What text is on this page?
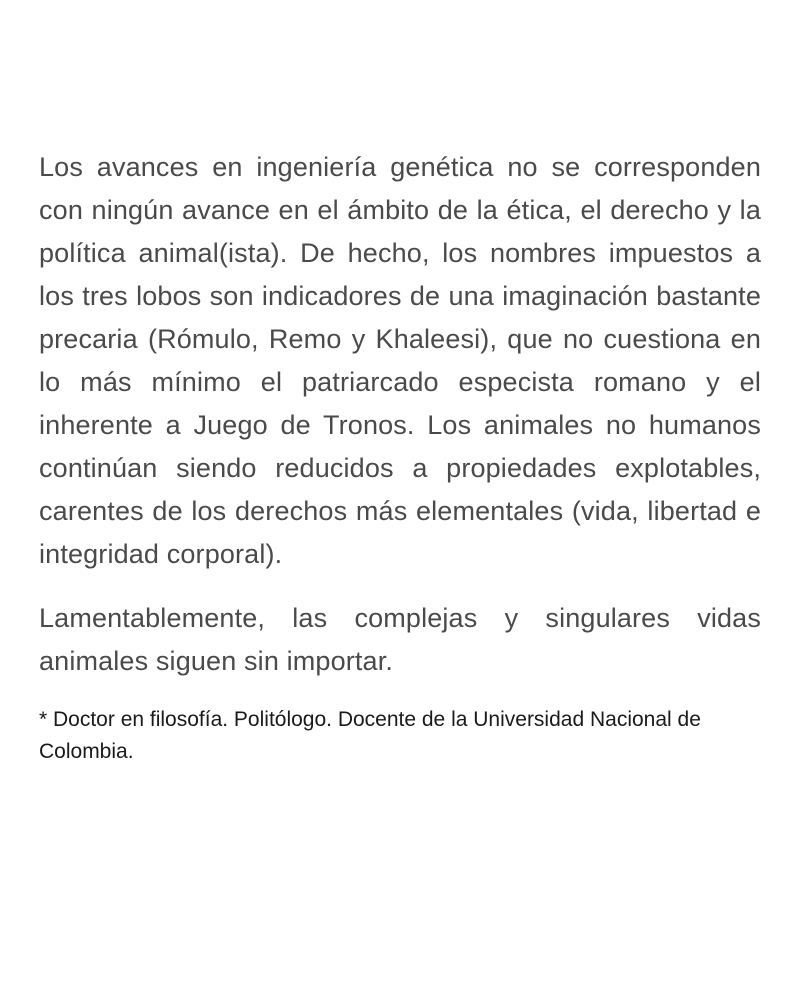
Los avances en ingeniería genética no se corresponden con ningún avance en el ámbito de la ética, el derecho y la política animal(ista). De hecho, los nombres impuestos a los tres lobos son indicadores de una imaginación bastante precaria (Rómulo, Remo y Khaleesi), que no cuestiona en lo más mínimo el patriarcado especista romano y el inherente a Juego de Tronos. Los animales no humanos continúan siendo reducidos a propiedades explotables, carentes de los derechos más elementales (vida, libertad e integridad corporal).

Lamentablemente, las complejas y singulares vidas animales siguen sin importar.

* Doctor en filosofía. Politólogo. Docente de la Universidad Nacional de Colombia.
